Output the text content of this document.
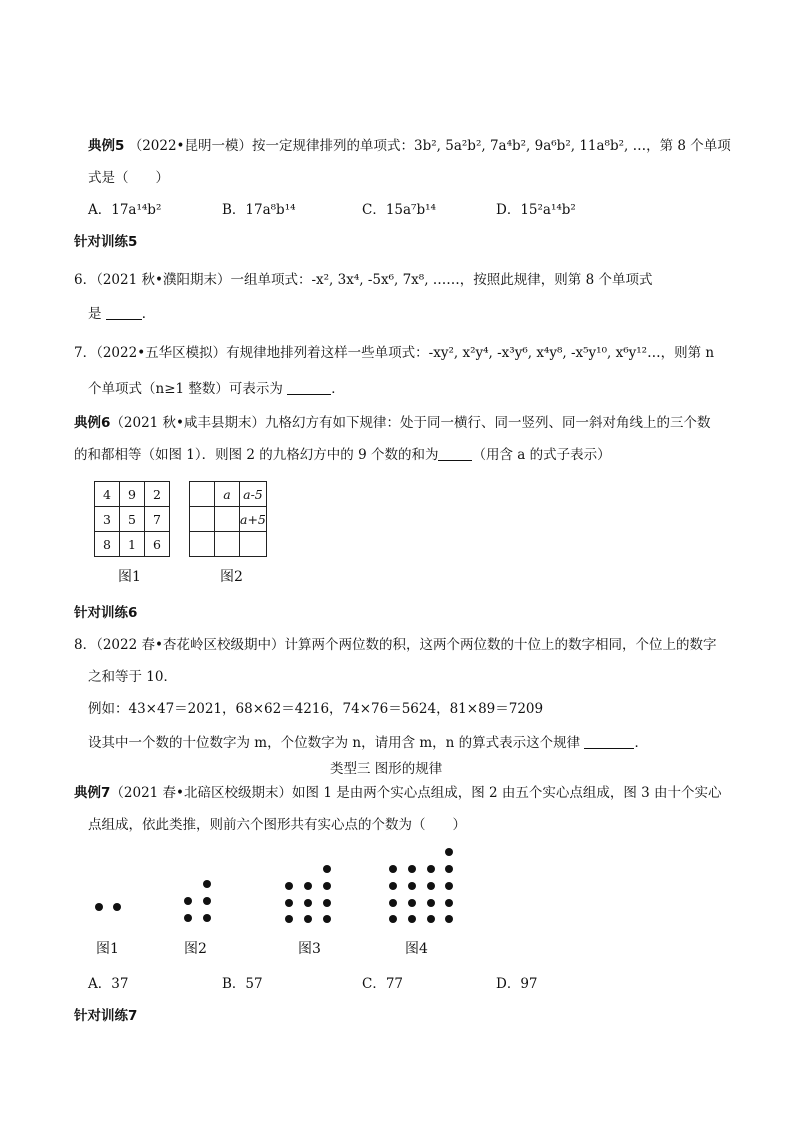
典例5 （2022•昆明一模）按一定规律排列的单项式：3b², 5a²b², 7a⁴b², 9a⁶b², 11a⁸b², …，第 8 个单项
式是（　　）
A．17a¹⁴b²	B．17a⁸b¹⁴	C．15a⁷b¹⁴	D．15²a¹⁴b²
针对训练5
6．（2021 秋•濮阳期末）一组单项式：-x², 3x⁴, -5x⁶, 7x⁸, ……，按照此规律，则第 8 个单项式
是	．
7．（2022•五华区模拟）有规律地排列着这样一些单项式：-xy², x²y⁴, -x³y⁶, x⁴y⁸, -x⁵y¹⁰, x⁶y¹²…，则第 n
个单项式（n≥1 整数）可表示为	．
典例6（2021 秋•咸丰县期末）九格幻方有如下规律：处于同一横行、同一竖列、同一斜对角线上的三个数
的和都相等（如图 1）．则图 2 的九格幻方中的 9 个数的和为	（用含 a 的式子表示）
4	9	2
3	5	7
8	1	6
	a	a-5
		a+5

图1	图2
针对训练6
8．（2022 春•杏花岭区校级期中）计算两个两位数的积，这两个两位数的十位上的数字相同，个位上的数字
之和等于 10．
例如：43×47＝2021，68×62＝4216，74×76＝5624，81×89＝7209
设其中一个数的十位数字为 m，个位数字为 n，请用含 m，n 的算式表示这个规律	．
类型三 图形的规律
典例7（2021 春•北碚区校级期末）如图 1 是由两个实心点组成，图 2 由五个实心点组成，图 3 由十个实心
点组成，依此类推，则前六个图形共有实心点的个数为（　　）
图1	图2	图3	图4
A．37	B．57	C．77	D．97
针对训练7
